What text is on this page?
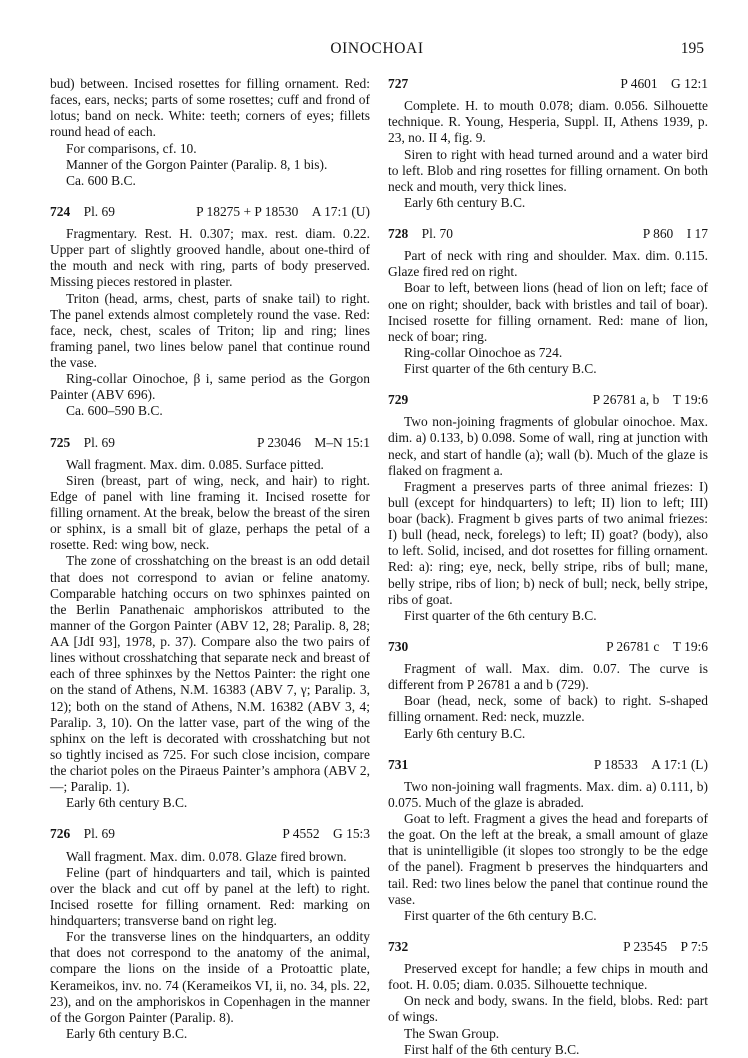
OINOCHOAI	195

bud) between. Incised rosettes for filling ornament. Red: faces, ears, necks; parts of some rosettes; cuff and frond of lotus; band on neck. White: teeth; corners of eyes; fillets round head of each.

For comparisons, cf. 10.

Manner of the Gorgon Painter (Paralip. 8, 1 bis).

Ca. 600 B.C.

724  Pl. 69	P 18275 + P 18530  A 17:1 (U)

Fragmentary. Rest. H. 0.307; max. rest. diam. 0.22. Upper part of slightly grooved handle, about one-third of the mouth and neck with ring, parts of body preserved. Missing pieces restored in plaster.

Triton (head, arms, chest, parts of snake tail) to right. The panel extends almost completely round the vase. Red: face, neck, chest, scales of Triton; lip and ring; lines framing panel, two lines below panel that continue round the vase.

Ring-collar Oinochoe, β i, same period as the Gorgon Painter (ABV 696).

Ca. 600–590 B.C.

725  Pl. 69	P 23046  M–N 15:1

Wall fragment. Max. dim. 0.085. Surface pitted.

Siren (breast, part of wing, neck, and hair) to right. Edge of panel with line framing it. Incised rosette for filling ornament. At the break, below the breast of the siren or sphinx, is a small bit of glaze, perhaps the petal of a rosette. Red: wing bow, neck.

The zone of crosshatching on the breast is an odd detail that does not correspond to avian or feline anatomy. Comparable hatching occurs on two sphinxes painted on the Berlin Panathenaic amphoriskos attributed to the manner of the Gorgon Painter (ABV 12, 28; Paralip. 8, 28; AA [JdI 93], 1978, p. 37). Compare also the two pairs of lines without crosshatching that separate neck and breast of each of three sphinxes by the Nettos Painter: the right one on the stand of Athens, N.M. 16383 (ABV 7, γ; Paralip. 3, 12); both on the stand of Athens, N.M. 16382 (ABV 3, 4; Paralip. 3, 10). On the latter vase, part of the wing of the sphinx on the left is decorated with crosshatching but not so tightly incised as 725. For such close incision, compare the chariot poles on the Piraeus Painter’s amphora (ABV 2, —; Paralip. 1).

Early 6th century B.C.

726  Pl. 69	P 4552  G 15:3

Wall fragment. Max. dim. 0.078. Glaze fired brown.

Feline (part of hindquarters and tail, which is painted over the black and cut off by panel at the left) to right. Incised rosette for filling ornament. Red: marking on hindquarters; transverse band on right leg.

For the transverse lines on the hindquarters, an oddity that does not correspond to the anatomy of the animal, compare the lions on the inside of a Protoattic plate, Kerameikos, inv. no. 74 (Kerameikos VI, ii, no. 34, pls. 22, 23), and on the amphoriskos in Copenhagen in the manner of the Gorgon Painter (Paralip. 8).

Early 6th century B.C.

727	P 4601  G 12:1

Complete. H. to mouth 0.078; diam. 0.056. Silhouette technique. R. Young, Hesperia, Suppl. II, Athens 1939, p. 23, no. II 4, fig. 9.

Siren to right with head turned around and a water bird to left. Blob and ring rosettes for filling ornament. On both neck and mouth, very thick lines.

Early 6th century B.C.

728  Pl. 70	P 860  I 17

Part of neck with ring and shoulder. Max. dim. 0.115. Glaze fired red on right.

Boar to left, between lions (head of lion on left; face of one on right; shoulder, back with bristles and tail of boar). Incised rosette for filling ornament. Red: mane of lion, neck of boar; ring.

Ring-collar Oinochoe as 724.

First quarter of the 6th century B.C.

729	P 26781 a, b  T 19:6

Two non-joining fragments of globular oinochoe. Max. dim. a) 0.133, b) 0.098. Some of wall, ring at junction with neck, and start of handle (a); wall (b). Much of the glaze is flaked on fragment a.

Fragment a preserves parts of three animal friezes: I) bull (except for hindquarters) to left; II) lion to left; III) boar (back). Fragment b gives parts of two animal friezes: I) bull (head, neck, forelegs) to left; II) goat? (body), also to left. Solid, incised, and dot rosettes for filling ornament. Red: a): ring; eye, neck, belly stripe, ribs of bull; mane, belly stripe, ribs of lion; b) neck of bull; neck, belly stripe, ribs of goat.

First quarter of the 6th century B.C.

730	P 26781 c  T 19:6

Fragment of wall. Max. dim. 0.07. The curve is different from P 26781 a and b (729).

Boar (head, neck, some of back) to right. S-shaped filling ornament. Red: neck, muzzle.

Early 6th century B.C.

731	P 18533  A 17:1 (L)

Two non-joining wall fragments. Max. dim. a) 0.111, b) 0.075. Much of the glaze is abraded.

Goat to left. Fragment a gives the head and foreparts of the goat. On the left at the break, a small amount of glaze that is unintelligible (it slopes too strongly to be the edge of the panel). Fragment b preserves the hindquarters and tail. Red: two lines below the panel that continue round the vase.

First quarter of the 6th century B.C.

732	P 23545  P 7:5

Preserved except for handle; a few chips in mouth and foot. H. 0.05; diam. 0.035. Silhouette technique.

On neck and body, swans. In the field, blobs. Red: part of wings.

The Swan Group.

First half of the 6th century B.C.
